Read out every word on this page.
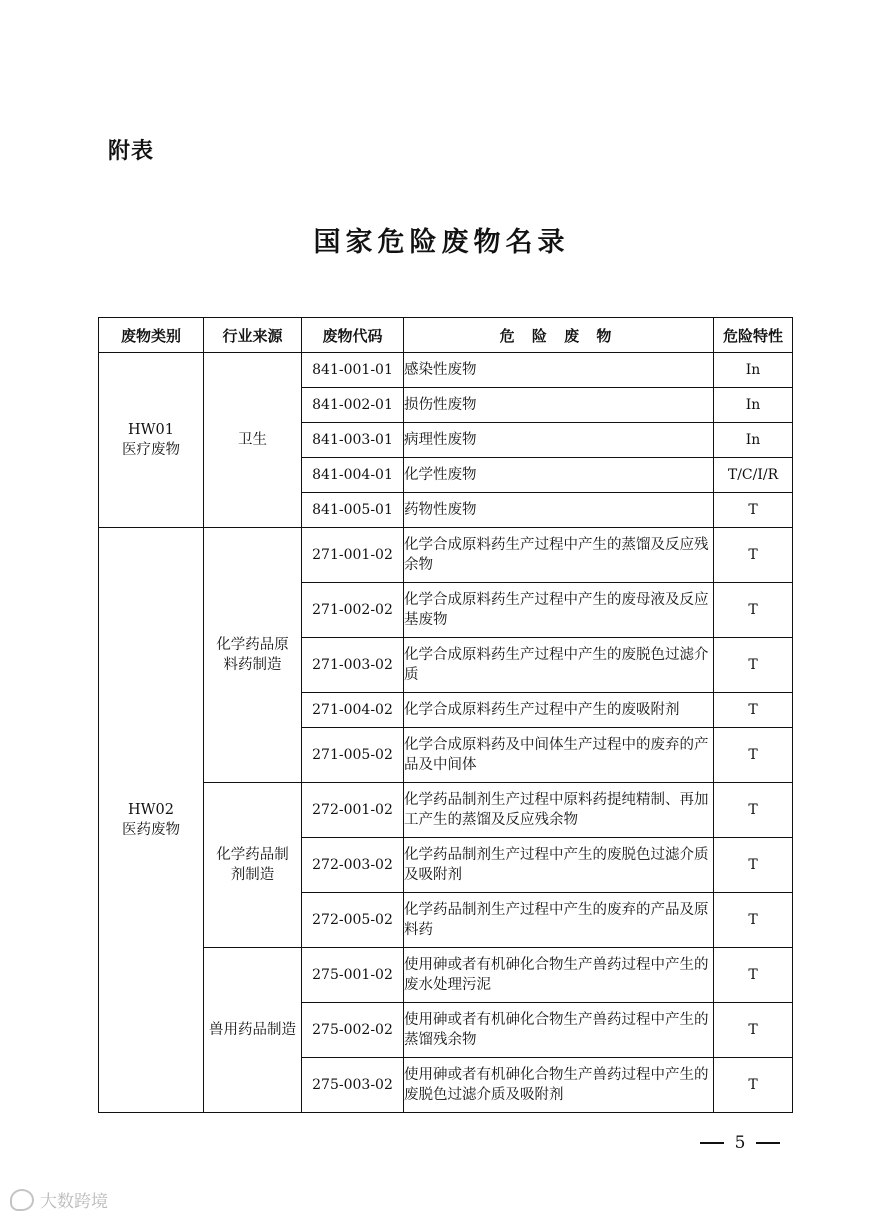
附表
国家危险废物名录
废物类别	行业来源	废物代码	危 险 废 物	危险特性

HW01
医疗废物	卫生	841-001-01	感染性废物	In
		841-002-01	损伤性废物	In
		841-003-01	病理性废物	In
		841-004-01	化学性废物	T/C/I/R
		841-005-01	药物性废物	T

HW02
医药废物	化学药品原料药制造	271-001-02	化学合成原料药生产过程中产生的蒸馏及反应残余物	T
		271-002-02	化学合成原料药生产过程中产生的废母液及反应基废物	T
		271-003-02	化学合成原料药生产过程中产生的废脱色过滤介质	T
		271-004-02	化学合成原料药生产过程中产生的废吸附剂	T
		271-005-02	化学合成原料药及中间体生产过程中的废弃的产品及中间体	T
	化学药品制剂制造	272-001-02	化学药品制剂生产过程中原料药提纯精制、再加工产生的蒸馏及反应残余物	T
		272-003-02	化学药品制剂生产过程中产生的废脱色过滤介质及吸附剂	T
		272-005-02	化学药品制剂生产过程中产生的废弃的产品及原料药	T
	兽用药品制造	275-001-02	使用砷或者有机砷化合物生产兽药过程中产生的废水处理污泥	T
		275-002-02	使用砷或者有机砷化合物生产兽药过程中产生的蒸馏残余物	T
		275-003-02	使用砷或者有机砷化合物生产兽药过程中产生的废脱色过滤介质及吸附剂	T
5
大数跨境
